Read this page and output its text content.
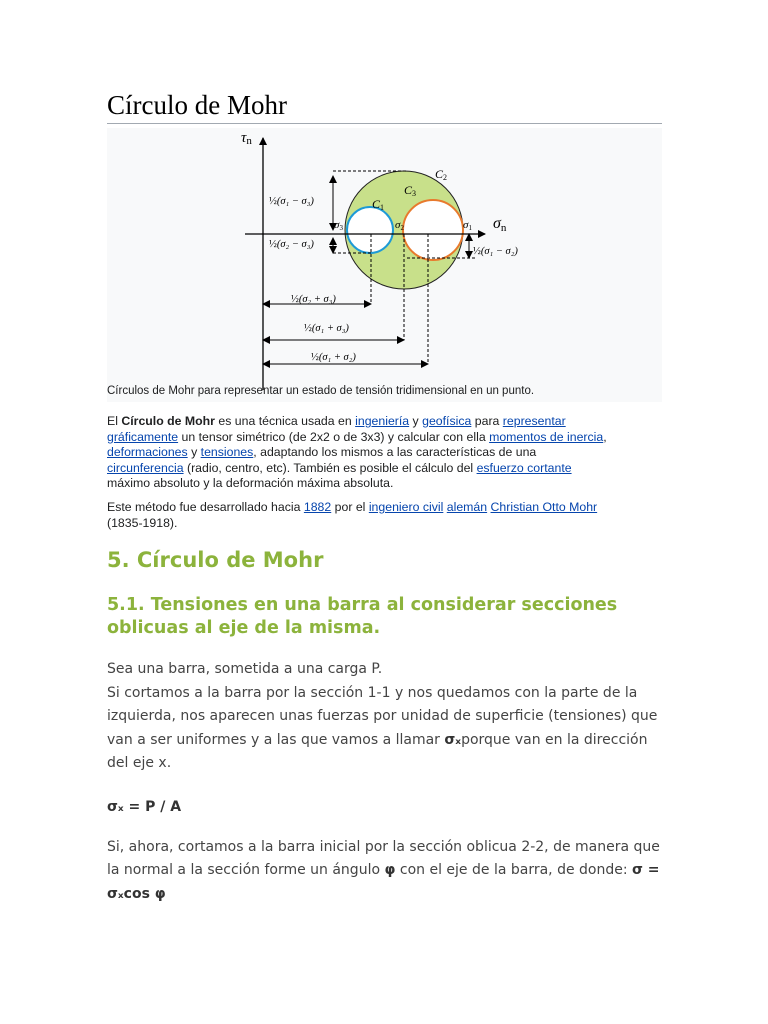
Círculo de Mohr
τn
σn
C2
C3
C1
σ3	σ2	σ1
½(σ₁ − σ₃)
½(σ₂ − σ₃)
½(σ₁ − σ₂)
½(σ₂ + σ₃)
½(σ₁ + σ₃)
½(σ₁ + σ₂)
Círculos de Mohr para representar un estado de tensión tridimensional en un punto.

El Círculo de Mohr es una técnica usada en ingeniería y geofísica para representar gráficamente un tensor simétrico (de 2x2 o de 3x3) y calcular con ella momentos de inercia, deformaciones y tensiones, adaptando los mismos a las características de una circunferencia (radio, centro, etc). También es posible el cálculo del esfuerzo cortante máximo absoluto y la deformación máxima absoluta.

Este método fue desarrollado hacia 1882 por el ingeniero civil alemán Christian Otto Mohr (1835-1918).

5. Círculo de Mohr
5.1. Tensiones en una barra al considerar secciones oblicuas al eje de la misma.

Sea una barra, sometida a una carga P.

Si cortamos a la barra por la sección 1-1 y nos quedamos con la parte de la izquierda, nos aparecen unas fuerzas por unidad de superficie (tensiones) que van a ser uniformes y a las que vamos a llamar σₓporque van en la dirección del eje x.

σₓ = P / A

Si, ahora, cortamos a la barra inicial por la sección oblicua 2-2, de manera que la normal a la sección forme un ángulo φ con el eje de la barra, de donde: σ = σₓcos φ
